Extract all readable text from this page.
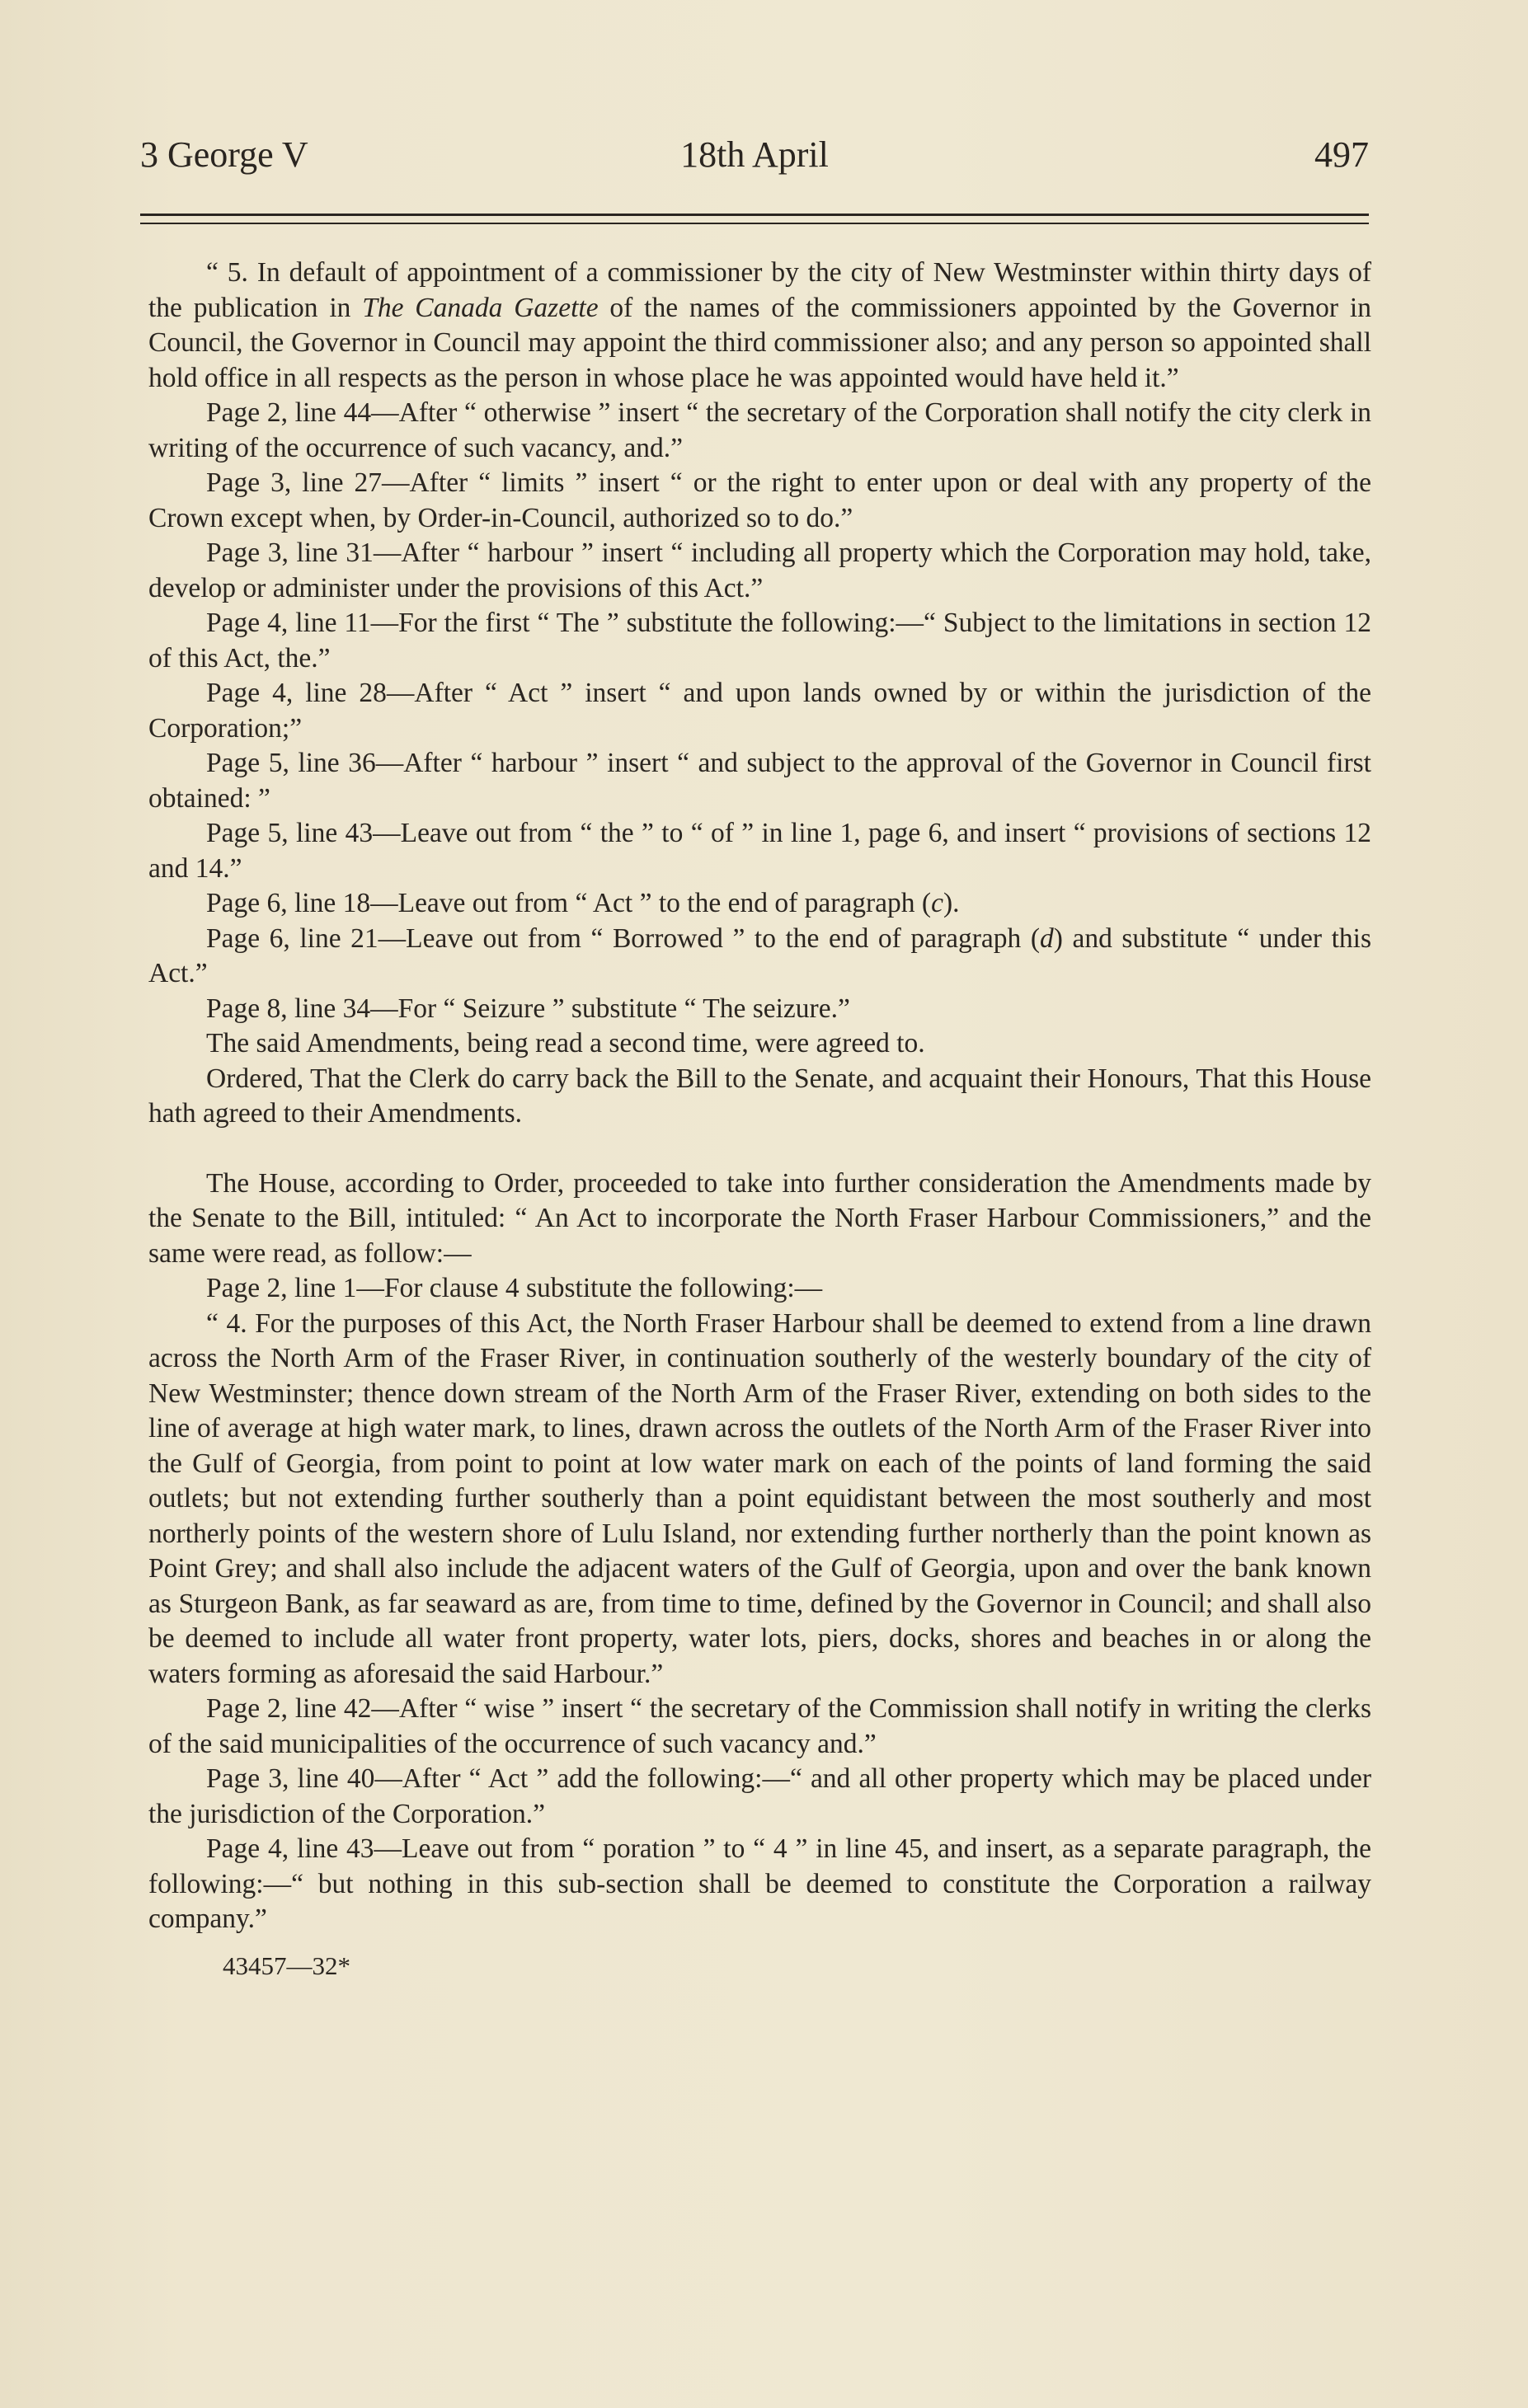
3 George V	18th April	497

“ 5. In default of appointment of a commissioner by the city of New Westminster within thirty days of the publication in The Canada Gazette of the names of the commissioners appointed by the Governor in Council, the Governor in Council may appoint the third commissioner also; and any person so appointed shall hold office in all respects as the person in whose place he was appointed would have held it.”

Page 2, line 44—After “ otherwise ” insert “ the secretary of the Corporation shall notify the city clerk in writing of the occurrence of such vacancy, and.”

Page 3, line 27—After “ limits ” insert “ or the right to enter upon or deal with any property of the Crown except when, by Order-in-Council, authorized so to do.”

Page 3, line 31—After “ harbour ” insert “ including all property which the Corporation may hold, take, develop or administer under the provisions of this Act.”

Page 4, line 11—For the first “ The ” substitute the following:—“ Subject to the limitations in section 12 of this Act, the.”

Page 4, line 28—After “ Act ” insert “ and upon lands owned by or within the jurisdiction of the Corporation;”

Page 5, line 36—After “ harbour ” insert “ and subject to the approval of the Governor in Council first obtained: ”

Page 5, line 43—Leave out from “ the ” to “ of ” in line 1, page 6, and insert “ provisions of sections 12 and 14.”

Page 6, line 18—Leave out from “ Act ” to the end of paragraph (c).

Page 6, line 21—Leave out from “ Borrowed ” to the end of paragraph (d) and substitute “ under this Act.”

Page 8, line 34—For “ Seizure ” substitute “ The seizure.”

The said Amendments, being read a second time, were agreed to.

Ordered, That the Clerk do carry back the Bill to the Senate, and acquaint their Honours, That this House hath agreed to their Amendments.

The House, according to Order, proceeded to take into further consideration the Amendments made by the Senate to the Bill, intituled: “ An Act to incorporate the North Fraser Harbour Commissioners,” and the same were read, as follow:—

Page 2, line 1—For clause 4 substitute the following:—

“ 4. For the purposes of this Act, the North Fraser Harbour shall be deemed to extend from a line drawn across the North Arm of the Fraser River, in continuation southerly of the westerly boundary of the city of New Westminster; thence down stream of the North Arm of the Fraser River, extending on both sides to the line of average at high water mark, to lines, drawn across the outlets of the North Arm of the Fraser River into the Gulf of Georgia, from point to point at low water mark on each of the points of land forming the said outlets; but not extending further southerly than a point equidistant between the most southerly and most northerly points of the western shore of Lulu Island, nor extending further northerly than the point known as Point Grey; and shall also include the adjacent waters of the Gulf of Georgia, upon and over the bank known as Sturgeon Bank, as far seaward as are, from time to time, defined by the Governor in Council; and shall also be deemed to include all water front property, water lots, piers, docks, shores and beaches in or along the waters forming as aforesaid the said Harbour.”

Page 2, line 42—After “ wise ” insert “ the secretary of the Commission shall notify in writing the clerks of the said municipalities of the occurrence of such vacancy and.”

Page 3, line 40—After “ Act ” add the following:—“ and all other property which may be placed under the jurisdiction of the Corporation.”

Page 4, line 43—Leave out from “ poration ” to “ 4 ” in line 45, and insert, as a separate paragraph, the following:—“ but nothing in this sub-section shall be deemed to constitute the Corporation a railway company.”

43457—32*
